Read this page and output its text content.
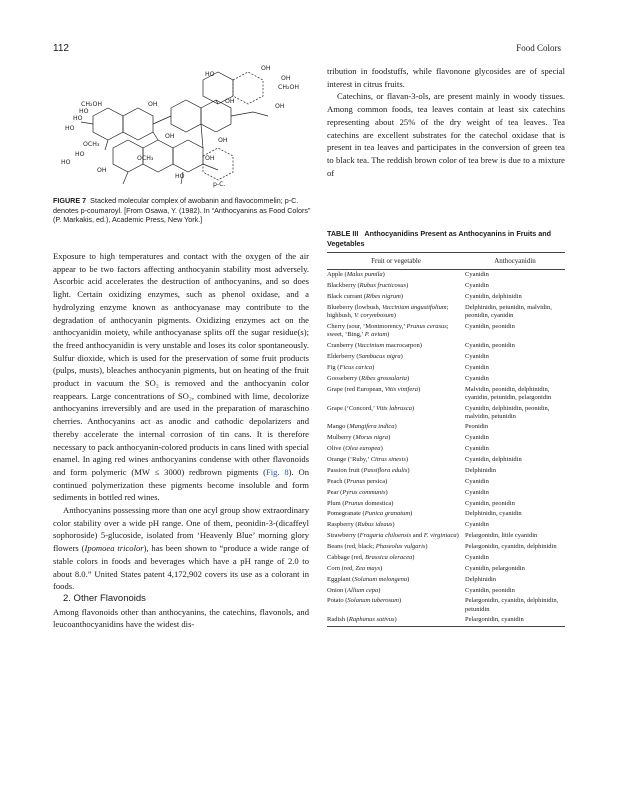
112	Food Colors
OH
HO
OH
CH₂OH
OH
OH
OH
HO
HO
HO
CH₂OH
OCH₃
OH
HO
HO
OCH₃	OH
HO
OH
OH
p-C.
FIGURE 7 Stacked molecular complex of awobanin and flavocommelin; p-C. denotes p-coumaroyl. [From Osawa, Y. (1982). In “Anthocyanins as Food Colors” (P. Markakis, ed.), Academic Press, New York.]

Exposure to high temperatures and contact with the oxygen of the air appear to be two factors affecting anthocyanin stability most adversely. Ascorbic acid accelerates the destruction of anthocyanins, and so does light. Certain oxidizing enzymes, such as phenol oxidase, and a hydrolyzing enzyme known as anthocyanase may contribute to the degradation of anthocyanin pigments. Oxidizing enzymes act on the anthocyanidin moiety, while anthocyanase splits off the sugar residue(s); the freed anthocyanidin is very unstable and loses its color spontaneously. Sulfur dioxide, which is used for the preservation of some fruit products (pulps, musts), bleaches anthocyanin pigments, but on heating of the fruit product in vacuum the SO₂ is removed and the anthocyanin color reappears. Large concentrations of SO₂, combined with lime, decolorize anthocyanins irreversibly and are used in the preparation of maraschino cherries. Anthocyanins act as anodic and cathodic depolarizers and thereby accelerate the internal corrosion of tin cans. It is therefore necessary to pack anthocyanin-colored products in cans lined with special enamel. In aging red wines anthocyanins condense with other flavonoids and form polymeric (MW ≤ 3000) redbrown pigments (Fig. 8). On continued polymerization these pigments become insoluble and form sediments in bottled red wines.

Anthocyanins possessing more than one acyl group show extraordinary color stability over a wide pH range. One of them, peonidin-3-(dicaffeyl sophoroside) 5-glucoside, isolated from ‘Heavenly Blue’ morning glory flowers (Ipomoea tricolor), has been shown to “produce a wide range of stable colors in foods and beverages which have a pH range of 2.0 to about 8.0.” United States patent 4,172,902 covers its use as a colorant in foods.

2. Other Flavonoids

Among flavonoids other than anthocyanins, the catechins, flavonols, and leucoanthocyanidins have the widest dis-

tribution in foodstuffs, while flavonone glycosides are of special interest in citrus fruits.

Catechins, or flavan-3-ols, are present mainly in woody tissues. Among common foods, tea leaves contain at least six catechins representing about 25% of the dry weight of tea leaves. Tea catechins are excellent substrates for the catechol oxidase that is present in tea leaves and participates in the conversion of green tea to black tea. The reddish brown color of tea brew is due to a mixture of

TABLE III Anthocyanidins Present as Anthocyanins in Fruits and Vegetables
Fruit or vegetable	Anthocyanidin
Apple (Malus pumila)	Cyanidin
Blackberry (Rubus fructicosus)	Cyanidin
Black currant (Ribes nigrum)	Cyanidin, delphinidin
Blueberry (lowbush, Vaccinium angustifolium; highbush, V. corymbosum)	Delphinidin, petunidin, malvidin, peonidin, cyanidin
Cherry (sour, ‘Montmorency,’ Prunus cerasus; sweet, ‘Bing,’ P. avium)	Cyanidin, peonidin
Cranberry (Vaccinium macrocarpon)	Cyanidin, peonidin
Elderberry (Sambucus nigra)	Cyanidin
Fig (Ficus carica)	Cyanidin
Gooseberry (Ribes grossularia)	Cyanidin
Grape (red European, Vitis vinifera)	Malvidin, peonidin, delphinidin, cyanidin, petunidin, pelargonidin
Grape (‘Concord,’ Vitis labrusca)	Cyanidin, delphinidin, peonidin, malvidin, petunidin
Mango (Mangifera indica)	Peonidin
Mulberry (Morus nigra)	Cyanidin
Olive (Olea europea)	Cyanidin
Orange (‘Ruby,’ Citrus sinesis)	Cyanidin, delphinidin
Passion fruit (Passiflora edulis)	Delphinidin
Peach (Prunus persica)	Cyanidin
Pear (Pyrus communis)	Cyanidin
Plum (Prunus domestica)	Cyanidin, peonidin
Pomegranate (Punica granatum)	Delphinidin, cyanidin
Raspberry (Rubus ideaus)	Cyanidin
Strawberry (Fragaria chiloensis and F. virginiaca)	Pelargonidin, little cyanidin
Beans (red, black; Phaseolus vulgaris)	Pelargonidin, cyanidin, delphinidin
Cabbage (red, Brassica oleracea)	Cyanidin
Corn (red, Zea mays)	Cyanidin, pelargonidin
Eggplant (Solanum melongena)	Delphinidin
Onion (Allium cepa)	Cyanidin, peonidin
Potato (Solanum tuberosum)	Pelargonidin, cyanidin, delphinidin, petunidin
Radish (Raphanus sativus)	Pelargonidin, cyanidin
